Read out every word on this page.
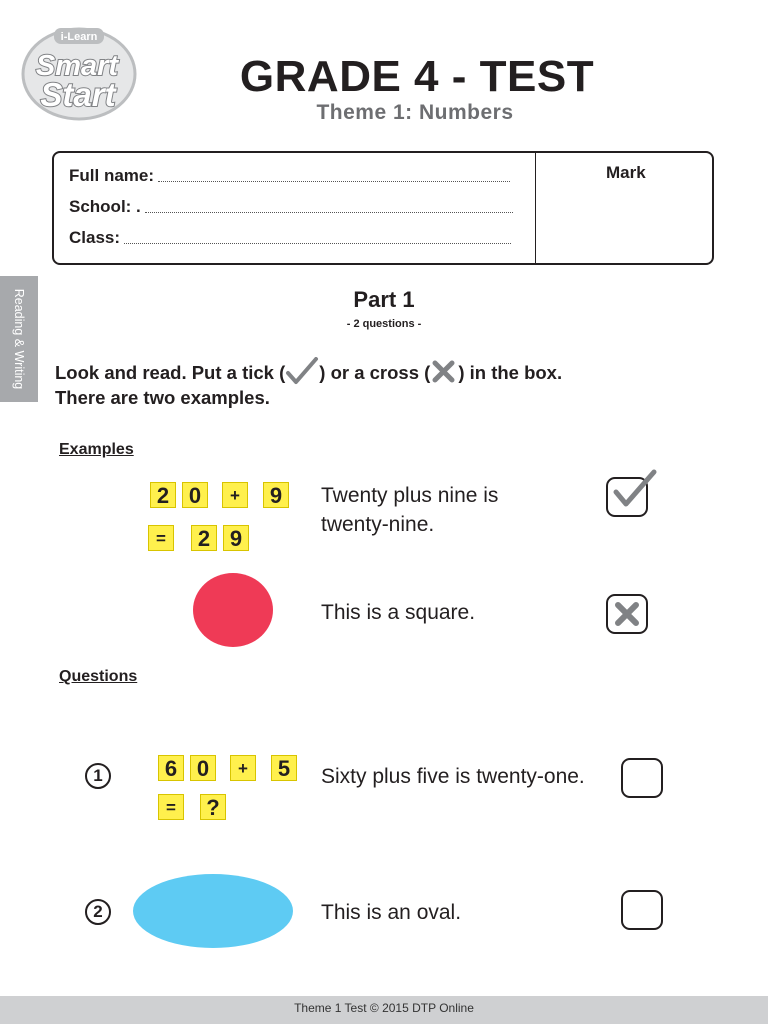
i-Learn
Smart
Start	GRADE 4 - TEST
Theme 1: Numbers
Full name:
School: .
Class:
Mark
Reading & Writing	Part 1
- 2 questions -
Look and read. Put a tick ( ) or a cross ( ) in the box.
There are two examples.
Examples
2 0	+	9
=	2 9
Twenty plus nine is twenty-nine.
This is a square.
Questions
1	6 0	+	5
=	?
Sixty plus five is twenty-one.
2	This is an oval.
Theme 1 Test © 2015 DTP Online
